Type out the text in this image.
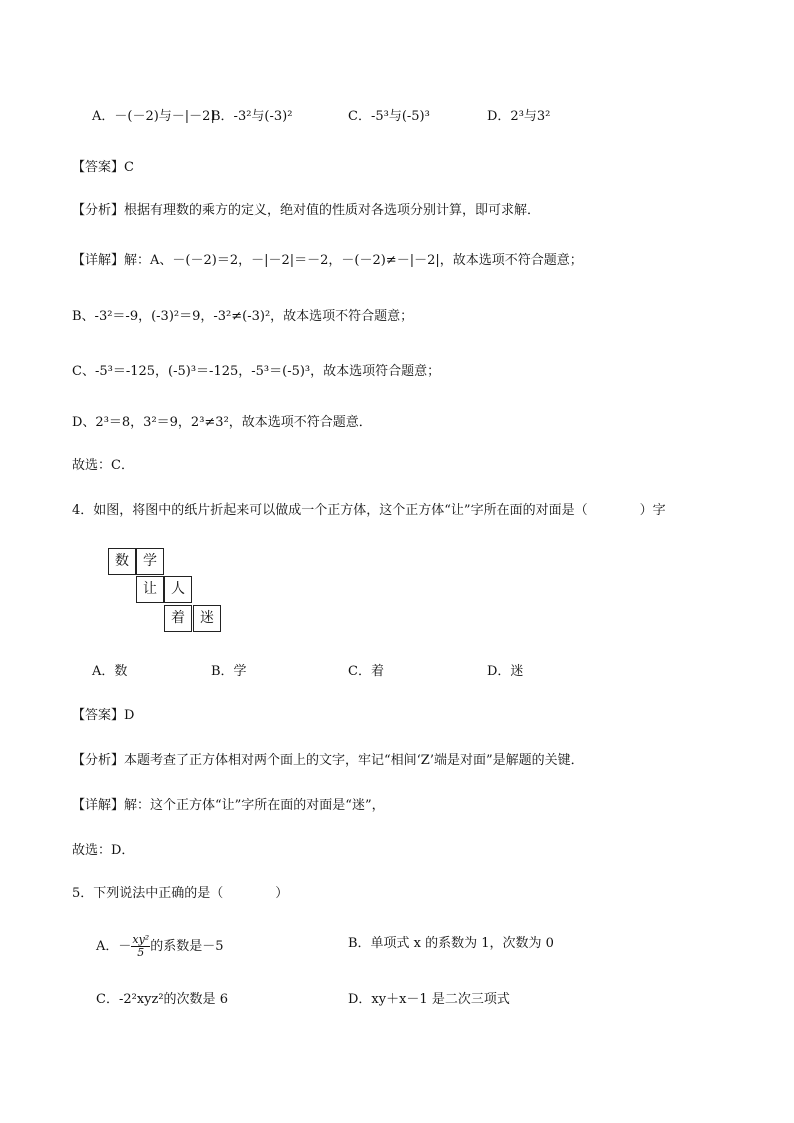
A．－(－2)与－|－2|
B．-3²与(-3)²	C．-5³与(-5)³	D．2³与3²
【答案】C
【分析】根据有理数的乘方的定义，绝对值的性质对各选项分别计算，即可求解．
【详解】解：A、－(－2)＝2，－|－2|＝－2，－(－2)≠－|－2|，故本选项不符合题意；
B、-3²＝-9，(-3)²＝9，-3²≠(-3)²，故本选项不符合题意；
C、-5³＝-125，(-5)³＝-125，-5³＝(-5)³，故本选项符合题意；
D、2³＝8，3²＝9，2³≠3²，故本选项不符合题意．
故选：C．
4．如图，将图中的纸片折起来可以做成一个正方体，这个正方体“让”字所在面的对面是（　　　　）字
数	学
让	人
着	迷
A．数	B．学	C．着	D．迷
【答案】D
【分析】本题考查了正方体相对两个面上的文字，牢记“相间‘Z’端是对面”是解题的关键．
【详解】解：这个正方体“让”字所在面的对面是“迷”，
故选：D．
5．下列说法中正确的是（　　　　）
A．－ $\frac{\text{xy²}}{5}$ 的系数是－5	B．单项式 x 的系数为 1，次数为 0
C．-2²xyz²的次数是 6	D．xy＋x－1 是二次三项式
